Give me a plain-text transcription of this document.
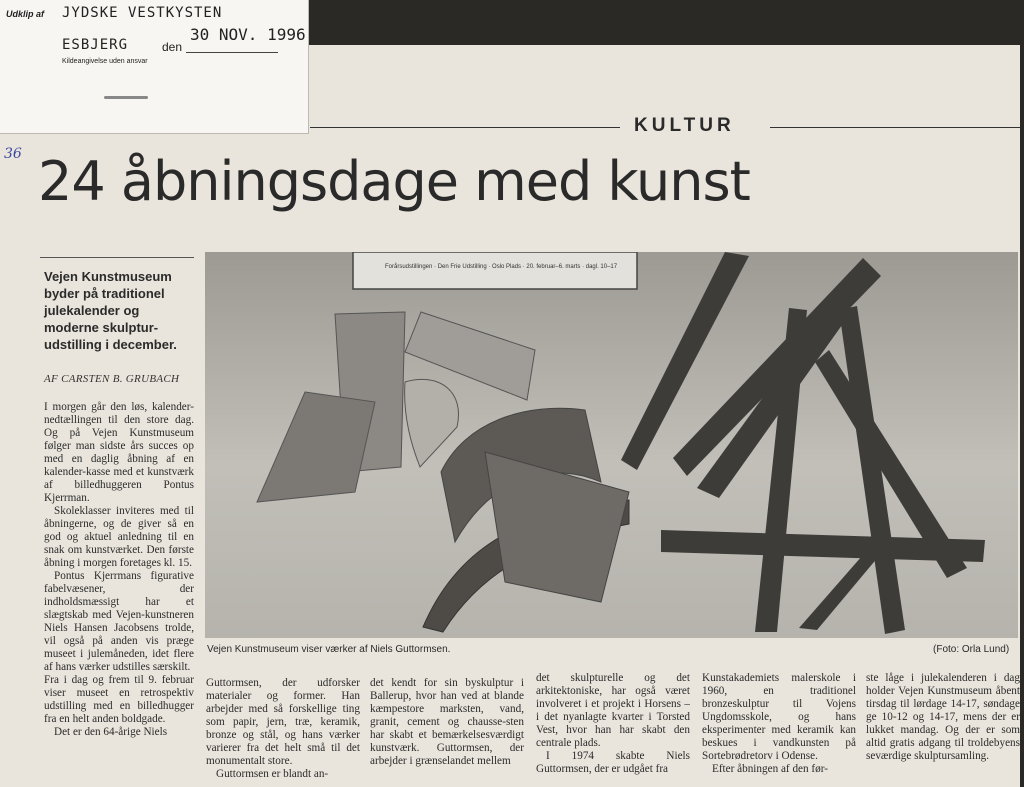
Udklip af JYDSKE VESTKYSTEN
ESBJERG	den
30 NOV. 1996
Kildeangivelse uden ansvar
KULTUR
36 24 åbningsdage med kunst

Vejen Kunstmuseum byder på traditionel julekalender og moderne skulptur-udstilling i december.

AF CARSTEN B. GRUBACH

I morgen går den løs, kalender-nedtællingen til den store dag. Og på Vejen Kunstmuseum følger man sidste års succes op med en daglig åbning af en kalender-kasse med et kunstværk af billedhuggeren Pontus Kjerrman.

Skoleklasser inviteres med til åbningerne, og de giver så en god og aktuel anledning til en snak om kunstværket. Den første åbning i morgen foretages kl. 15.

Pontus Kjerrmans figurative fabelvæsener, der indholdsmæssigt har et slægtskab med Vejen-kunstneren Niels Hansen Jacobsens trolde, vil også på anden vis præge museet i julemåneden, idet flere af hans værker udstilles særskilt.

Fra i dag og frem til 9. februar viser museet en retrospektiv udstilling med en billedhugger fra en helt anden boldgade.

Det er den 64-årige Niels

Forårsudstillingen · Den Frie Udstilling · Oslo Plads · 20. februar–6. marts · dagl. 10–17
Vejen Kunstmuseum viser værker af Niels Guttormsen.	(Foto: Orla Lund)

Guttormsen, der udforsker materialer og former. Han arbejder med så forskellige ting som papir, jern, træ, keramik, bronze og stål, og hans værker varierer fra det helt små til det monumentalt store.

Guttormsen er blandt an-

det kendt for sin byskulptur i Ballerup, hvor han ved at blande kæmpestore marksten, vand, granit, cement og chausse-sten har skabt et bemærkelsesværdigt kunstværk. Guttormsen, der arbejder i grænselandet mellem

det skulpturelle og det arkitektoniske, har også været involveret i et projekt i Horsens – i det nyanlagte kvarter i Torsted Vest, hvor han har skabt den centrale plads.

I 1974 skabte Niels Guttormsen, der er udgået fra

Kunstakademiets malerskole i 1960, en traditionel bronzeskulptur til Vojens Ungdomsskole, og hans eksperimenter med keramik kan beskues i vandkunsten på Sortebrødretorv i Odense.

Efter åbningen af den før-

ste låge i julekalenderen i dag holder Vejen Kunstmuseum åbent tirsdag til lørdage 14-17, søndage ge 10-12 og 14-17, mens der er lukket mandag. Og der er som altid gratis adgang til troldebyens seværdige skulptursamling.
